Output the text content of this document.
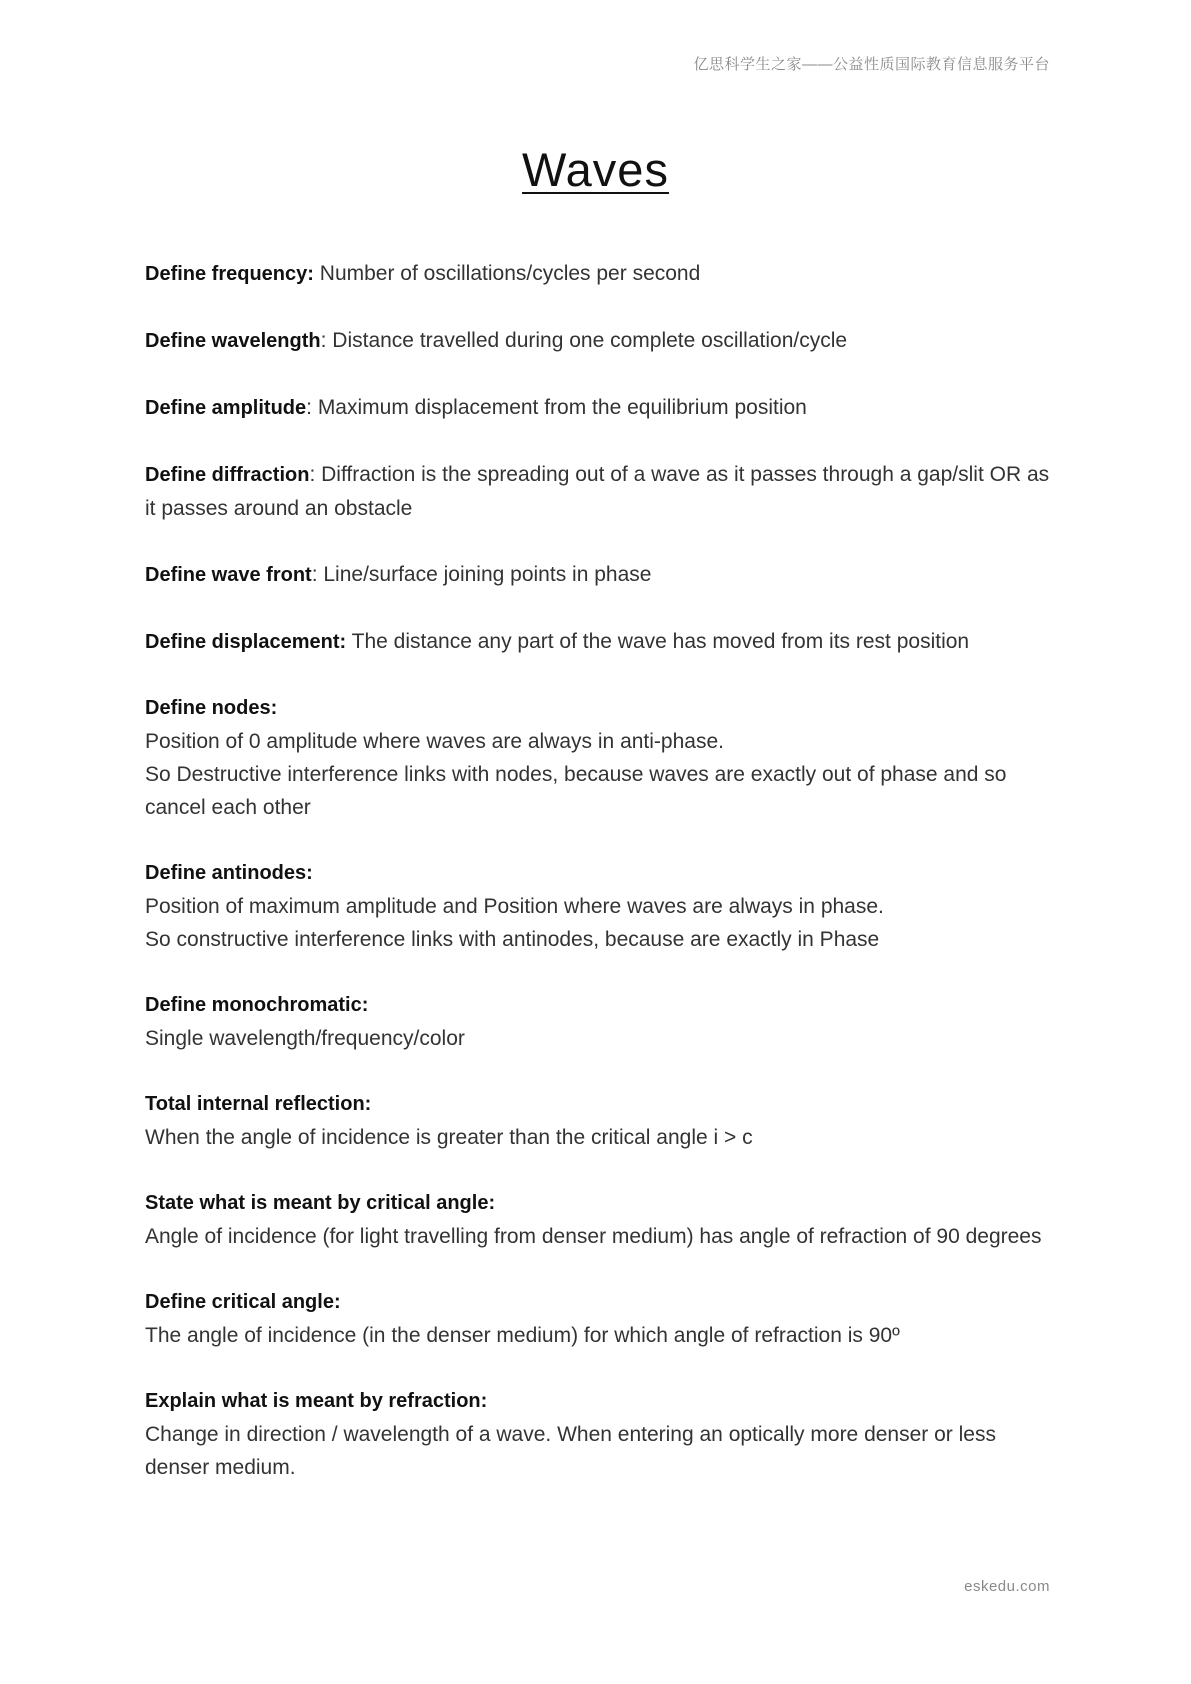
亿思科学生之家——公益性质国际教育信息服务平台
Waves

Define frequency: Number of oscillations/cycles per second

Define wavelength: Distance travelled during one complete oscillation/cycle

Define amplitude: Maximum displacement from the equilibrium position

Define diffraction: Diffraction is the spreading out of a wave as it passes through a gap/slit OR as it passes around an obstacle

Define wave front: Line/surface joining points in phase

Define displacement: The distance any part of the wave has moved from its rest position

Define nodes:
Position of 0 amplitude where waves are always in anti-phase.
So Destructive interference links with nodes, because waves are exactly out of phase and so cancel each other
Define antinodes:
Position of maximum amplitude and Position where waves are always in phase.
So constructive interference links with antinodes, because are exactly in Phase
Define monochromatic:
Single wavelength/frequency/color
Total internal reflection:
When the angle of incidence is greater than the critical angle i > c
State what is meant by critical angle:
Angle of incidence (for light travelling from denser medium) has angle of refraction of 90 degrees
Define critical angle:
The angle of incidence (in the denser medium) for which angle of refraction is 90º
Explain what is meant by refraction:
Change in direction / wavelength of a wave. When entering an optically more denser or less denser medium.
eskedu.com
